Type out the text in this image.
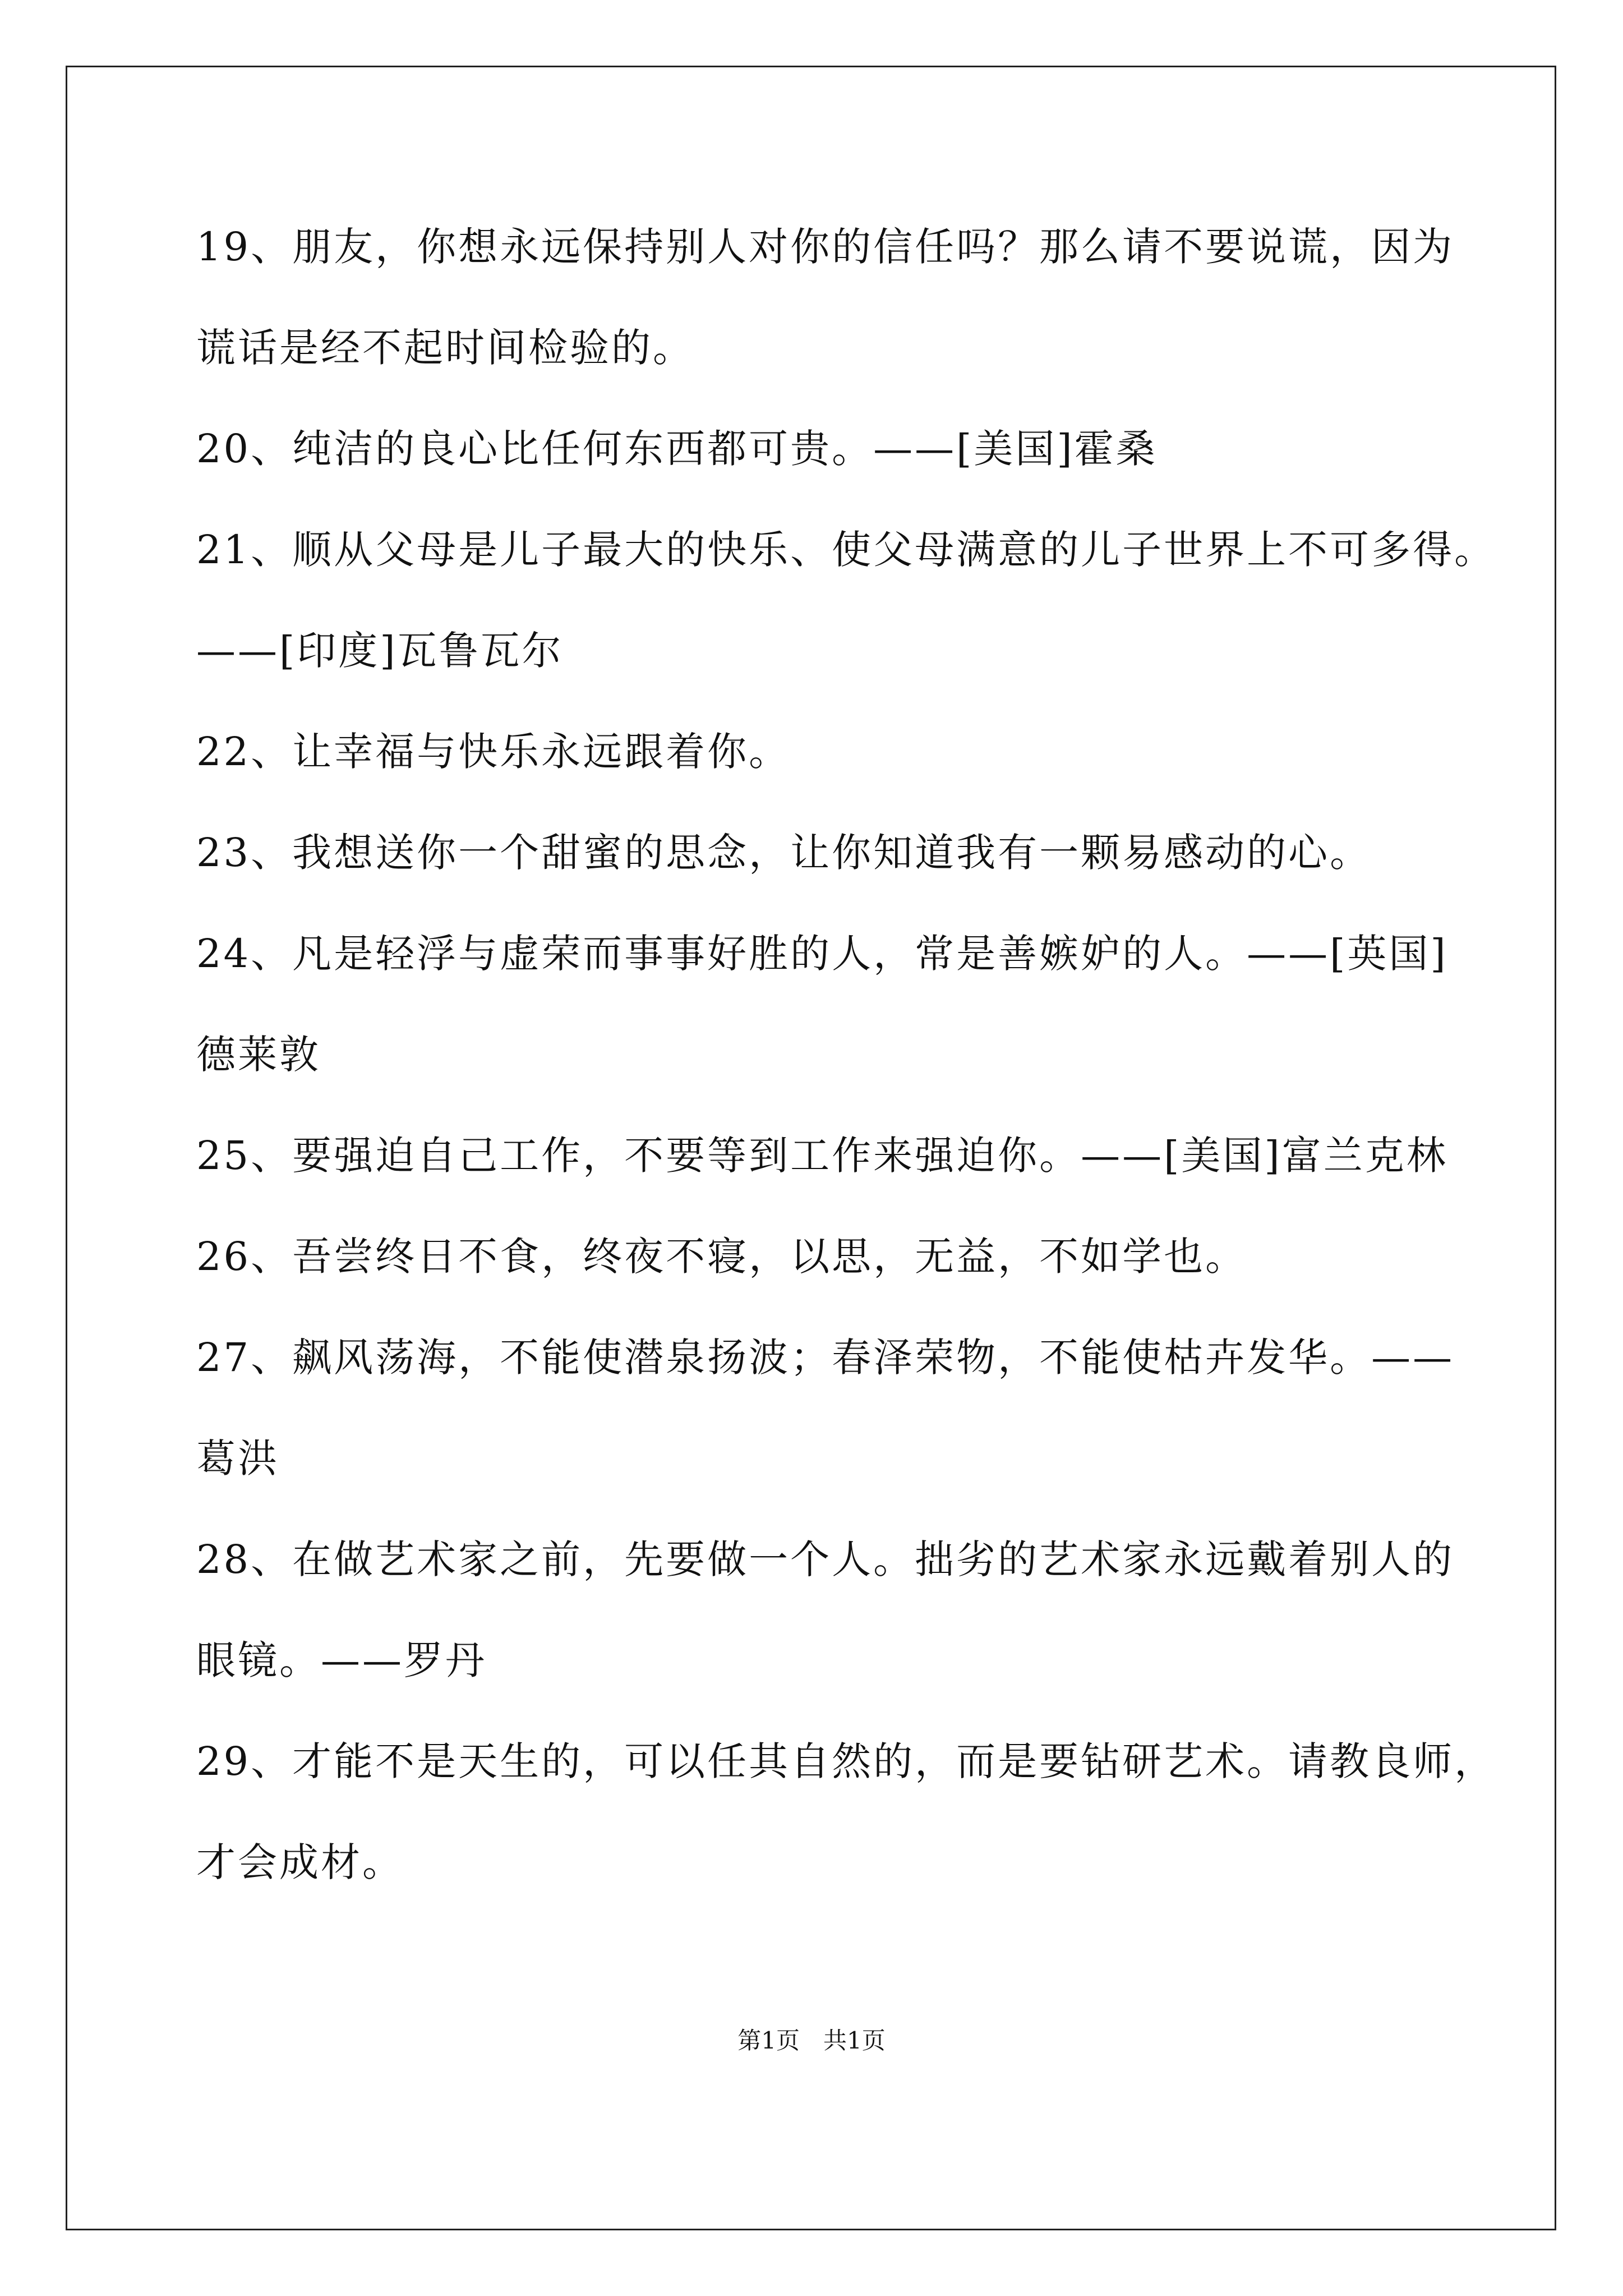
19、朋友，你想永远保持别人对你的信任吗？那么请不要说谎，因为
谎话是经不起时间检验的。
20、纯洁的良心比任何东西都可贵。——[美国]霍桑
21、顺从父母是儿子最大的快乐、使父母满意的儿子世界上不可多得。
——[印度]瓦鲁瓦尔
22、让幸福与快乐永远跟着你。
23、我想送你一个甜蜜的思念，让你知道我有一颗易感动的心。
24、凡是轻浮与虚荣而事事好胜的人，常是善嫉妒的人。——[英国]
德莱敦
25、要强迫自己工作，不要等到工作来强迫你。——[美国]富兰克林
26、吾尝终日不食，终夜不寝，以思，无益，不如学也。
27、飙风荡海，不能使潜泉扬波；春泽荣物，不能使枯卉发华。——
葛洪
28、在做艺术家之前，先要做一个人。拙劣的艺术家永远戴着别人的
眼镜。——罗丹
29、才能不是天生的，可以任其自然的，而是要钻研艺术。请教良师，
才会成材。
第1页　共1页
